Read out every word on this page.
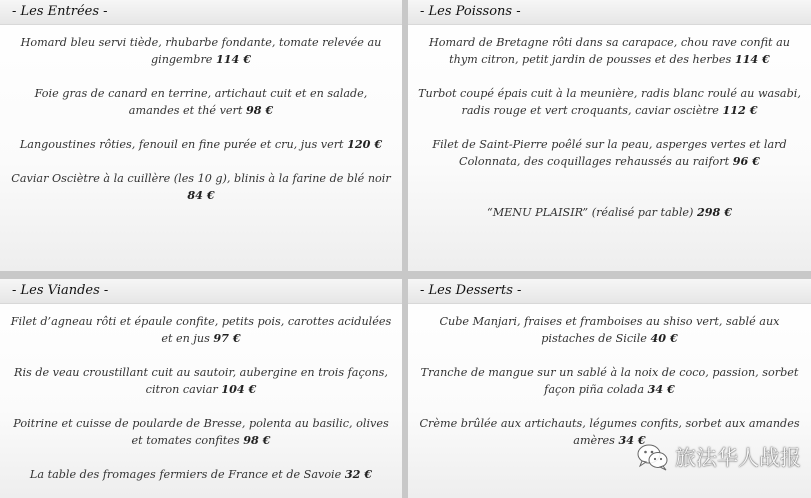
- Les Entrées -

Homard bleu servi tiède, rhubarbe fondante, tomate relevée au gingembre 114 €

Foie gras de canard en terrine, artichaut cuit et en salade, amandes et thé vert 98 €

Langoustines rôties, fenouil en fine purée et cru, jus vert 120 €

Caviar Osciètre à la cuillère (les 10 g), blinis à la farine de blé noir 84 €

- Les Poissons -

Homard de Bretagne rôti dans sa carapace, chou rave confit au thym citron, petit jardin de pousses et des herbes 114 €

Turbot coupé épais cuit à la meunière, radis blanc roulé au wasabi, radis rouge et vert croquants, caviar osciètre 112 €

Filet de Saint-Pierre poêlé sur la peau, asperges vertes et lard Colonnata, des coquillages rehaussés au raifort 96 €

“MENU PLAISIR” (réalisé par table) 298 €

- Les Viandes -

Filet d’agneau rôti et épaule confite, petits pois, carottes acidulées et en jus 97 €

Ris de veau croustillant cuit au sautoir, aubergine en trois façons, citron caviar 104 €

Poitrine et cuisse de poularde de Bresse, polenta au basilic, olives et tomates confites 98 €

La table des fromages fermiers de France et de Savoie 32 €

- Les Desserts -

Cube Manjari, fraises et framboises au shiso vert, sablé aux pistaches de Sicile 40 €

Tranche de mangue sur un sablé à la noix de coco, passion, sorbet façon piña colada 34 €

Crème brûlée aux artichauts, légumes confits, sorbet aux amandes amères 34 €

旅法华人战报
